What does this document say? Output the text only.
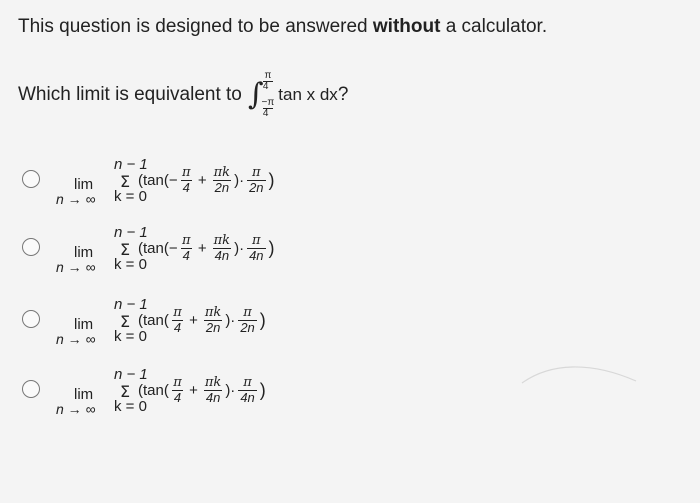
This question is designed to be answered without a calculator.
Which limit is equivalent to ∫
$\frac{\pi}{4}$
$\frac{-\pi}{4}$
tan x dx ?
lim
n → ∞
n − 1
Σ
k = 0
($\tan( - \frac{\pi}{4} + \frac{\pi k}{2n}$ )· $\frac{\pi}{2n}$ )
lim
n → ∞
n − 1
Σ
k = 0
($\tan( - \frac{\pi}{4} + \frac{\pi k}{4n}$ )· $\frac{\pi}{4n}$ )
lim
n → ∞
n − 1
Σ
k = 0
($\tan( \frac{\pi}{4} + \frac{\pi k}{2n}$ )· $\frac{\pi}{2n}$ )
lim
n → ∞
n − 1
Σ
k = 0
($\tan( \frac{\pi}{4} + \frac{\pi k}{4n}$ )· $\frac{\pi}{4n}$ )
